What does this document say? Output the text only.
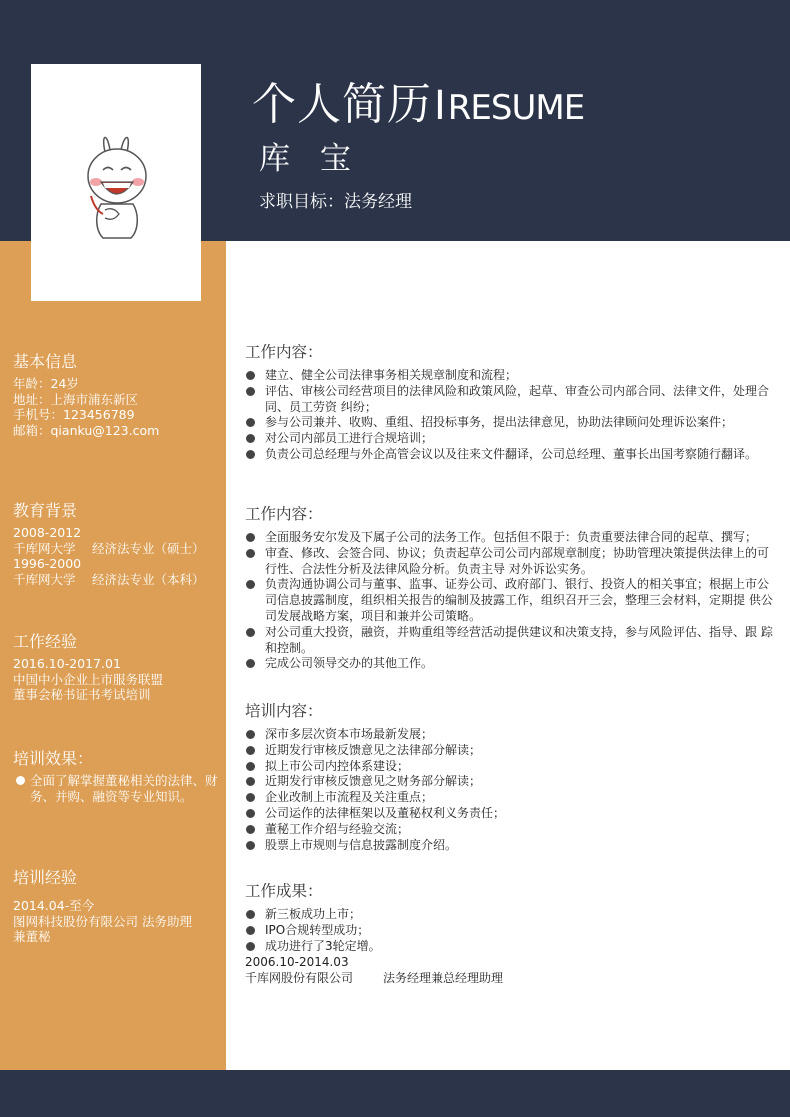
个人简历IRESUME
库 宝
求职目标：法务经理
基本信息
年龄：24岁
地址：上海市浦东新区
手机号：123456789
邮箱：qianku@123.com
教育背景
2008-2012
千库网大学　 经济法专业（硕士）
1996-2000
千库网大学　 经济法专业（本科）
工作经验
2016.10-2017.01
中国中小企业上市服务联盟
董事会秘书证书考试培训
培训效果：
全面了解掌握董秘相关的法律、财务、并购、融资等专业知识。
培训经验
2014.04-至今
图网科技股份有限公司 法务助理
兼董秘
工作内容：
建立、健全公司法律事务相关规章制度和流程；
评估、审核公司经营项目的法律风险和政策风险，起草、审查公司内部合同、法律文件，处理合同、员工劳资 纠纷；
参与公司兼并、收购、重组、招投标事务，提出法律意见，协助法律顾问处理诉讼案件；
对公司内部员工进行合规培训；
负责公司总经理与外企高管会议以及往来文件翻译，公司总经理、董事长出国考察随行翻译。
工作内容：
全面服务安尔发及下属子公司的法务工作。包括但不限于：负责重要法律合同的起草、撰写；
审查、修改、会签合同、协议；负责起草公司公司内部规章制度；协助管理决策提供法律上的可行性、合法性分析及法律风险分析。负责主导 对外诉讼实务。
负责沟通协调公司与董事、监事、证券公司、政府部门、银行、投资人的相关事宜；根据上市公司信息披露制度，组织相关报告的编制及披露工作，组织召开三会，整理三会材料，定期提 供公司发展战略方案，项目和兼并公司策略。
对公司重大投资，融资，并购重组等经营活动提供建议和决策支持，参与风险评估、指导、跟 踪和控制。
完成公司领导交办的其他工作。
培训内容：
深市多层次资本市场最新发展；
近期发行审核反馈意见之法律部分解读；
拟上市公司内控体系建设；
近期发行审核反馈意见之财务部分解读；
企业改制上市流程及关注重点；
公司运作的法律框架以及董秘权利义务责任；
董秘工作介绍与经验交流；
股票上市规则与信息披露制度介绍。
工作成果：
新三板成功上市；
IPO合规转型成功；
成功进行了3轮定增。
2006.10-2014.03
千库网股份有限公司	法务经理兼总经理助理
